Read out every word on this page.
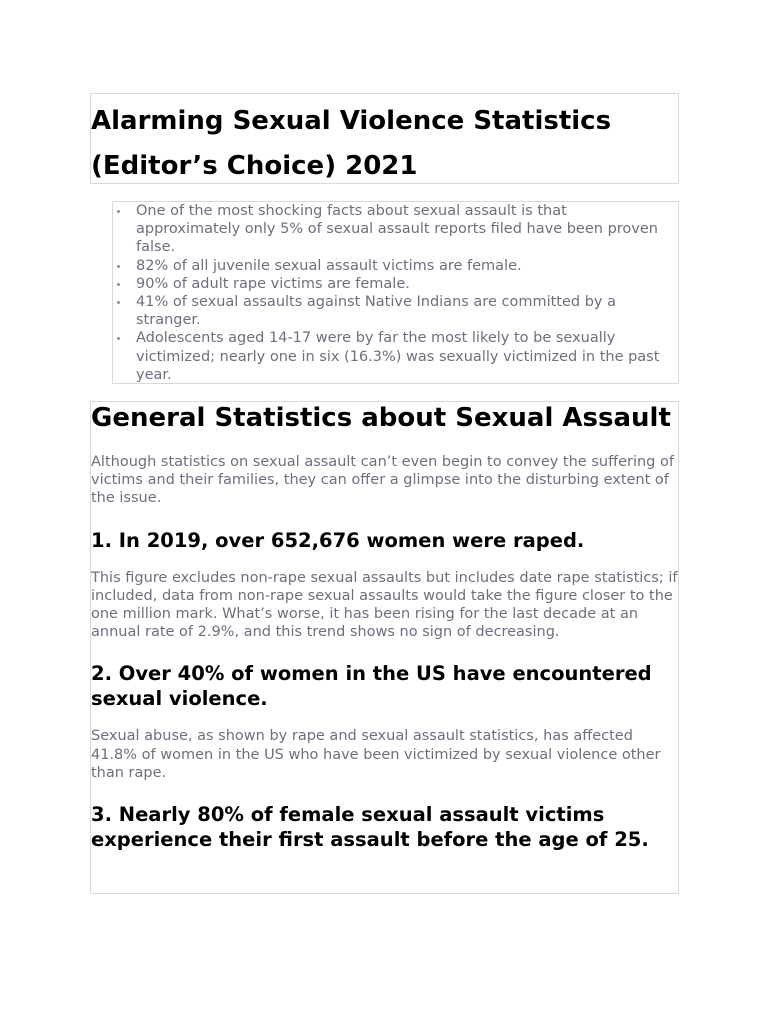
Alarming Sexual Violence Statistics (Editor’s Choice) 2021
One of the most shocking facts about sexual assault is that approximately only 5% of sexual assault reports filed have been proven false.
82% of all juvenile sexual assault victims are female.
90% of adult rape victims are female.
41% of sexual assaults against Native Indians are committed by a stranger.
Adolescents aged 14-17 were by far the most likely to be sexually victimized; nearly one in six (16.3%) was sexually victimized in the past year.
General Statistics about Sexual Assault

Although statistics on sexual assault can’t even begin to convey the suffering of victims and their families, they can offer a glimpse into the disturbing extent of the issue.

1. In 2019, over 652,676 women were raped.

This figure excludes non-rape sexual assaults but includes date rape statistics; if included, data from non-rape sexual assaults would take the figure closer to the one million mark. What’s worse, it has been rising for the last decade at an annual rate of 2.9%, and this trend shows no sign of decreasing.

2. Over 40% of women in the US have encountered sexual violence.

Sexual abuse, as shown by rape and sexual assault statistics, has affected 41.8% of women in the US who have been victimized by sexual violence other than rape.

3. Nearly 80% of female sexual assault victims experience their first assault before the age of 25.
